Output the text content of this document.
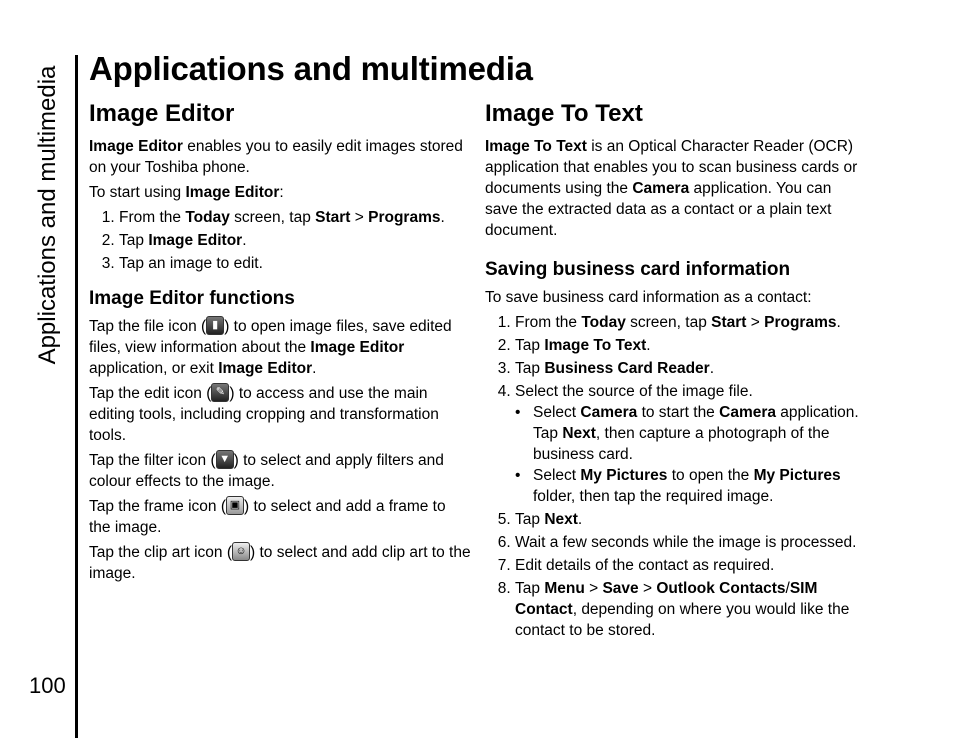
Applications and multimedia
100
Applications and multimedia
Image Editor

Image Editor enables you to easily edit images stored on your Toshiba phone.

To start using Image Editor:

1. From the Today screen, tap Start > Programs.
2. Tap Image Editor.
3. Tap an image to edit.
Image Editor functions

Tap the file icon ( ▮ ) to open image files, save edited files, view information about the Image Editor application, or exit Image Editor.

Tap the edit icon ( ✎ ) to access and use the main editing tools, including cropping and transformation tools.

Tap the filter icon ( ▼ ) to select and apply filters and colour effects to the image.

Tap the frame icon ( ▣ ) to select and add a frame to the image.

Tap the clip art icon ( ☺ ) to select and add clip art to the image.

Image To Text

Image To Text is an Optical Character Reader (OCR) application that enables you to scan business cards or documents using the Camera application. You can save the extracted data as a contact or a plain text document.

Saving business card information

To save business card information as a contact:

1. From the Today screen, tap Start > Programs.
2. Tap Image To Text.
3. Tap Business Card Reader.
4. Select the source of the image file.
• Select Camera to start the Camera application. Tap Next, then capture a photograph of the business card.
• Select My Pictures to open the My Pictures folder, then tap the required image.
5. Tap Next.
6. Wait a few seconds while the image is processed.
7. Edit details of the contact as required.
8. Tap Menu > Save > Outlook Contacts/SIM Contact, depending on where you would like the contact to be stored.
